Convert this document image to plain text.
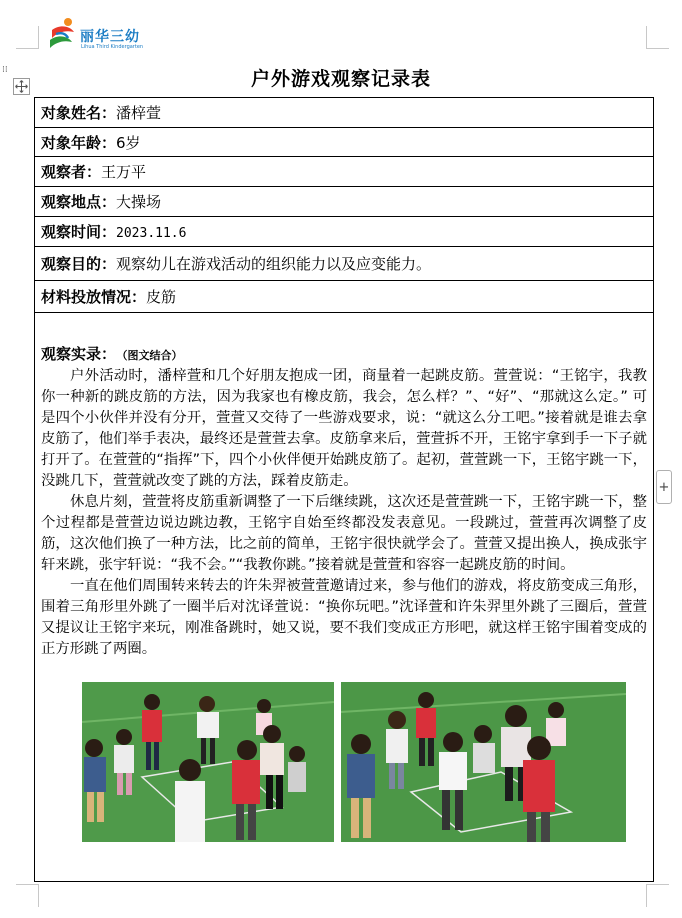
丽华三幼
Lihua Third Kindergarten
⁞⁞
+
户外游戏观察记录表
对象姓名：潘梓萱
对象年龄：6岁
观察者：王万平
观察地点：大操场
观察时间：2023.11.6
观察目的：观察幼儿在游戏活动的组织能力以及应变能力。
材料投放情况：皮筋

观察实录： （图文结合）

户外活动时，潘梓萱和几个好朋友抱成一团，商量着一起跳皮筋。萱萱说：“王铭宇，我教你一种新的跳皮筋的方法，因为我家也有橡皮筋，我会，怎么样？”、“好”、“那就这么定。” 可是四个小伙伴并没有分开，萱萱又交待了一些游戏要求，说：“就这么分工吧。”接着就是谁去拿皮筋了，他们举手表决，最终还是萱萱去拿。皮筋拿来后，萱萱拆不开，王铭宇拿到手一下子就打开了。在萱萱的“指挥”下，四个小伙伴便开始跳皮筋了。起初，萱萱跳一下，王铭宇跳一下，没跳几下，萱萱就改变了跳的方法，踩着皮筋走。

休息片刻，萱萱将皮筋重新调整了一下后继续跳，这次还是萱萱跳一下，王铭宇跳一下，整个过程都是萱萱边说边跳边教，王铭宇自始至终都没发表意见。一段跳过，萱萱再次调整了皮筋，这次他们换了一种方法，比之前的简单，王铭宇很快就学会了。萱萱又提出换人，换成张宇轩来跳，张宇轩说：“我不会。”“我教你跳。”接着就是萱萱和容容一起跳皮筋的时间。

一直在他们周围转来转去的许朱羿被萱萱邀请过来，参与他们的游戏，将皮筋变成三角形，围着三角形里外跳了一圈半后对沈译萱说：“换你玩吧。”沈译萱和许朱羿里外跳了三圈后，萱萱又提议让王铭宇来玩，刚准备跳时，她又说，要不我们变成正方形吧，就这样王铭宇围着变成的正方形跳了两圈。
